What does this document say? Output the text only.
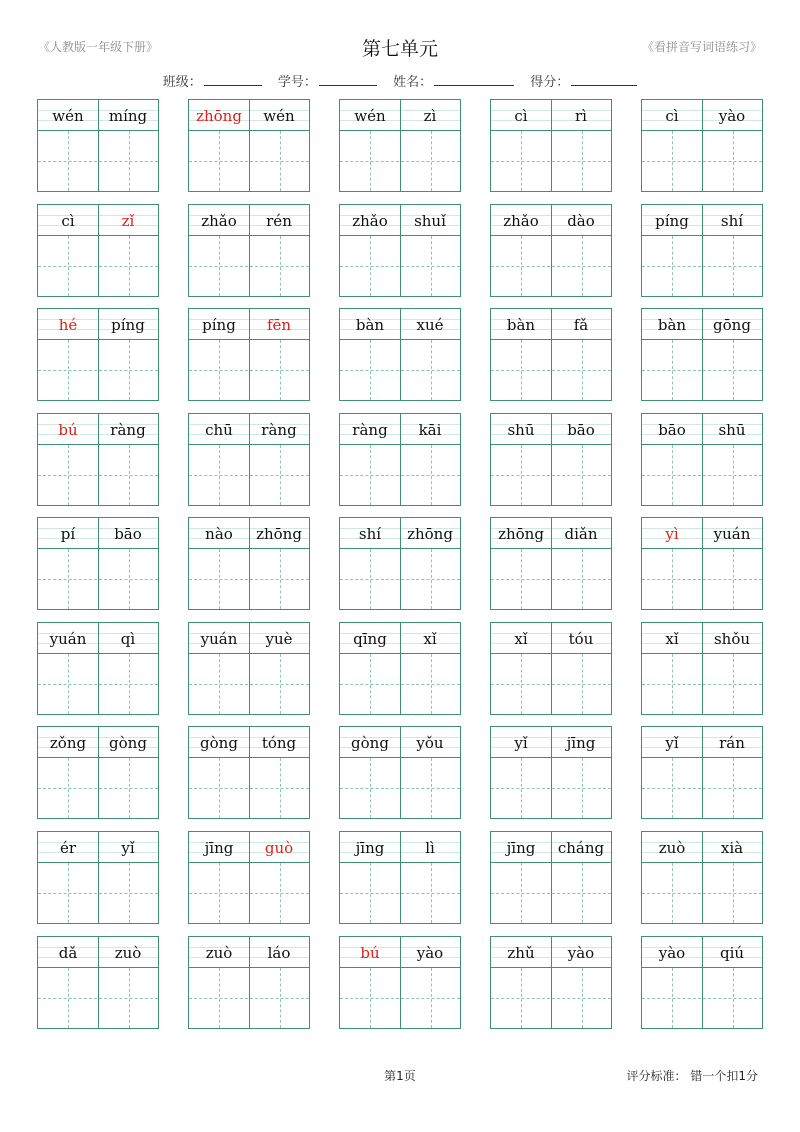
《人教版一年级下册》	第七单元	《看拼音写词语练习》
班级：	学号：	姓名：	得分：
wén	míng	zhōng	wén	wén	zì	cì	rì	cì	yào
cì	zǐ	zhǎo	rén	zhǎo	shuǐ	zhǎo	dào	píng	shí
hé	píng	píng	fēn	bàn	xué	bàn	fǎ	bàn	gōng
bú	ràng	chū	ràng	ràng	kāi	shū	bāo	bāo	shū
pí	bāo	nào	zhōng	shí	zhōng	zhōng	diǎn	yì	yuán
yuán	qì	yuán	yuè	qīng	xǐ	xǐ	tóu	xǐ	shǒu
zǒng	gòng	gòng	tóng	gòng	yǒu	yǐ	jīng	yǐ	rán
ér	yǐ	jīng	guò	jīng	lì	jīng	cháng	zuò	xià
dǎ	zuò	zuò	láo	bú	yào	zhǔ	yào	yào	qiú
第1页	评分标准： 错一个扣1分
